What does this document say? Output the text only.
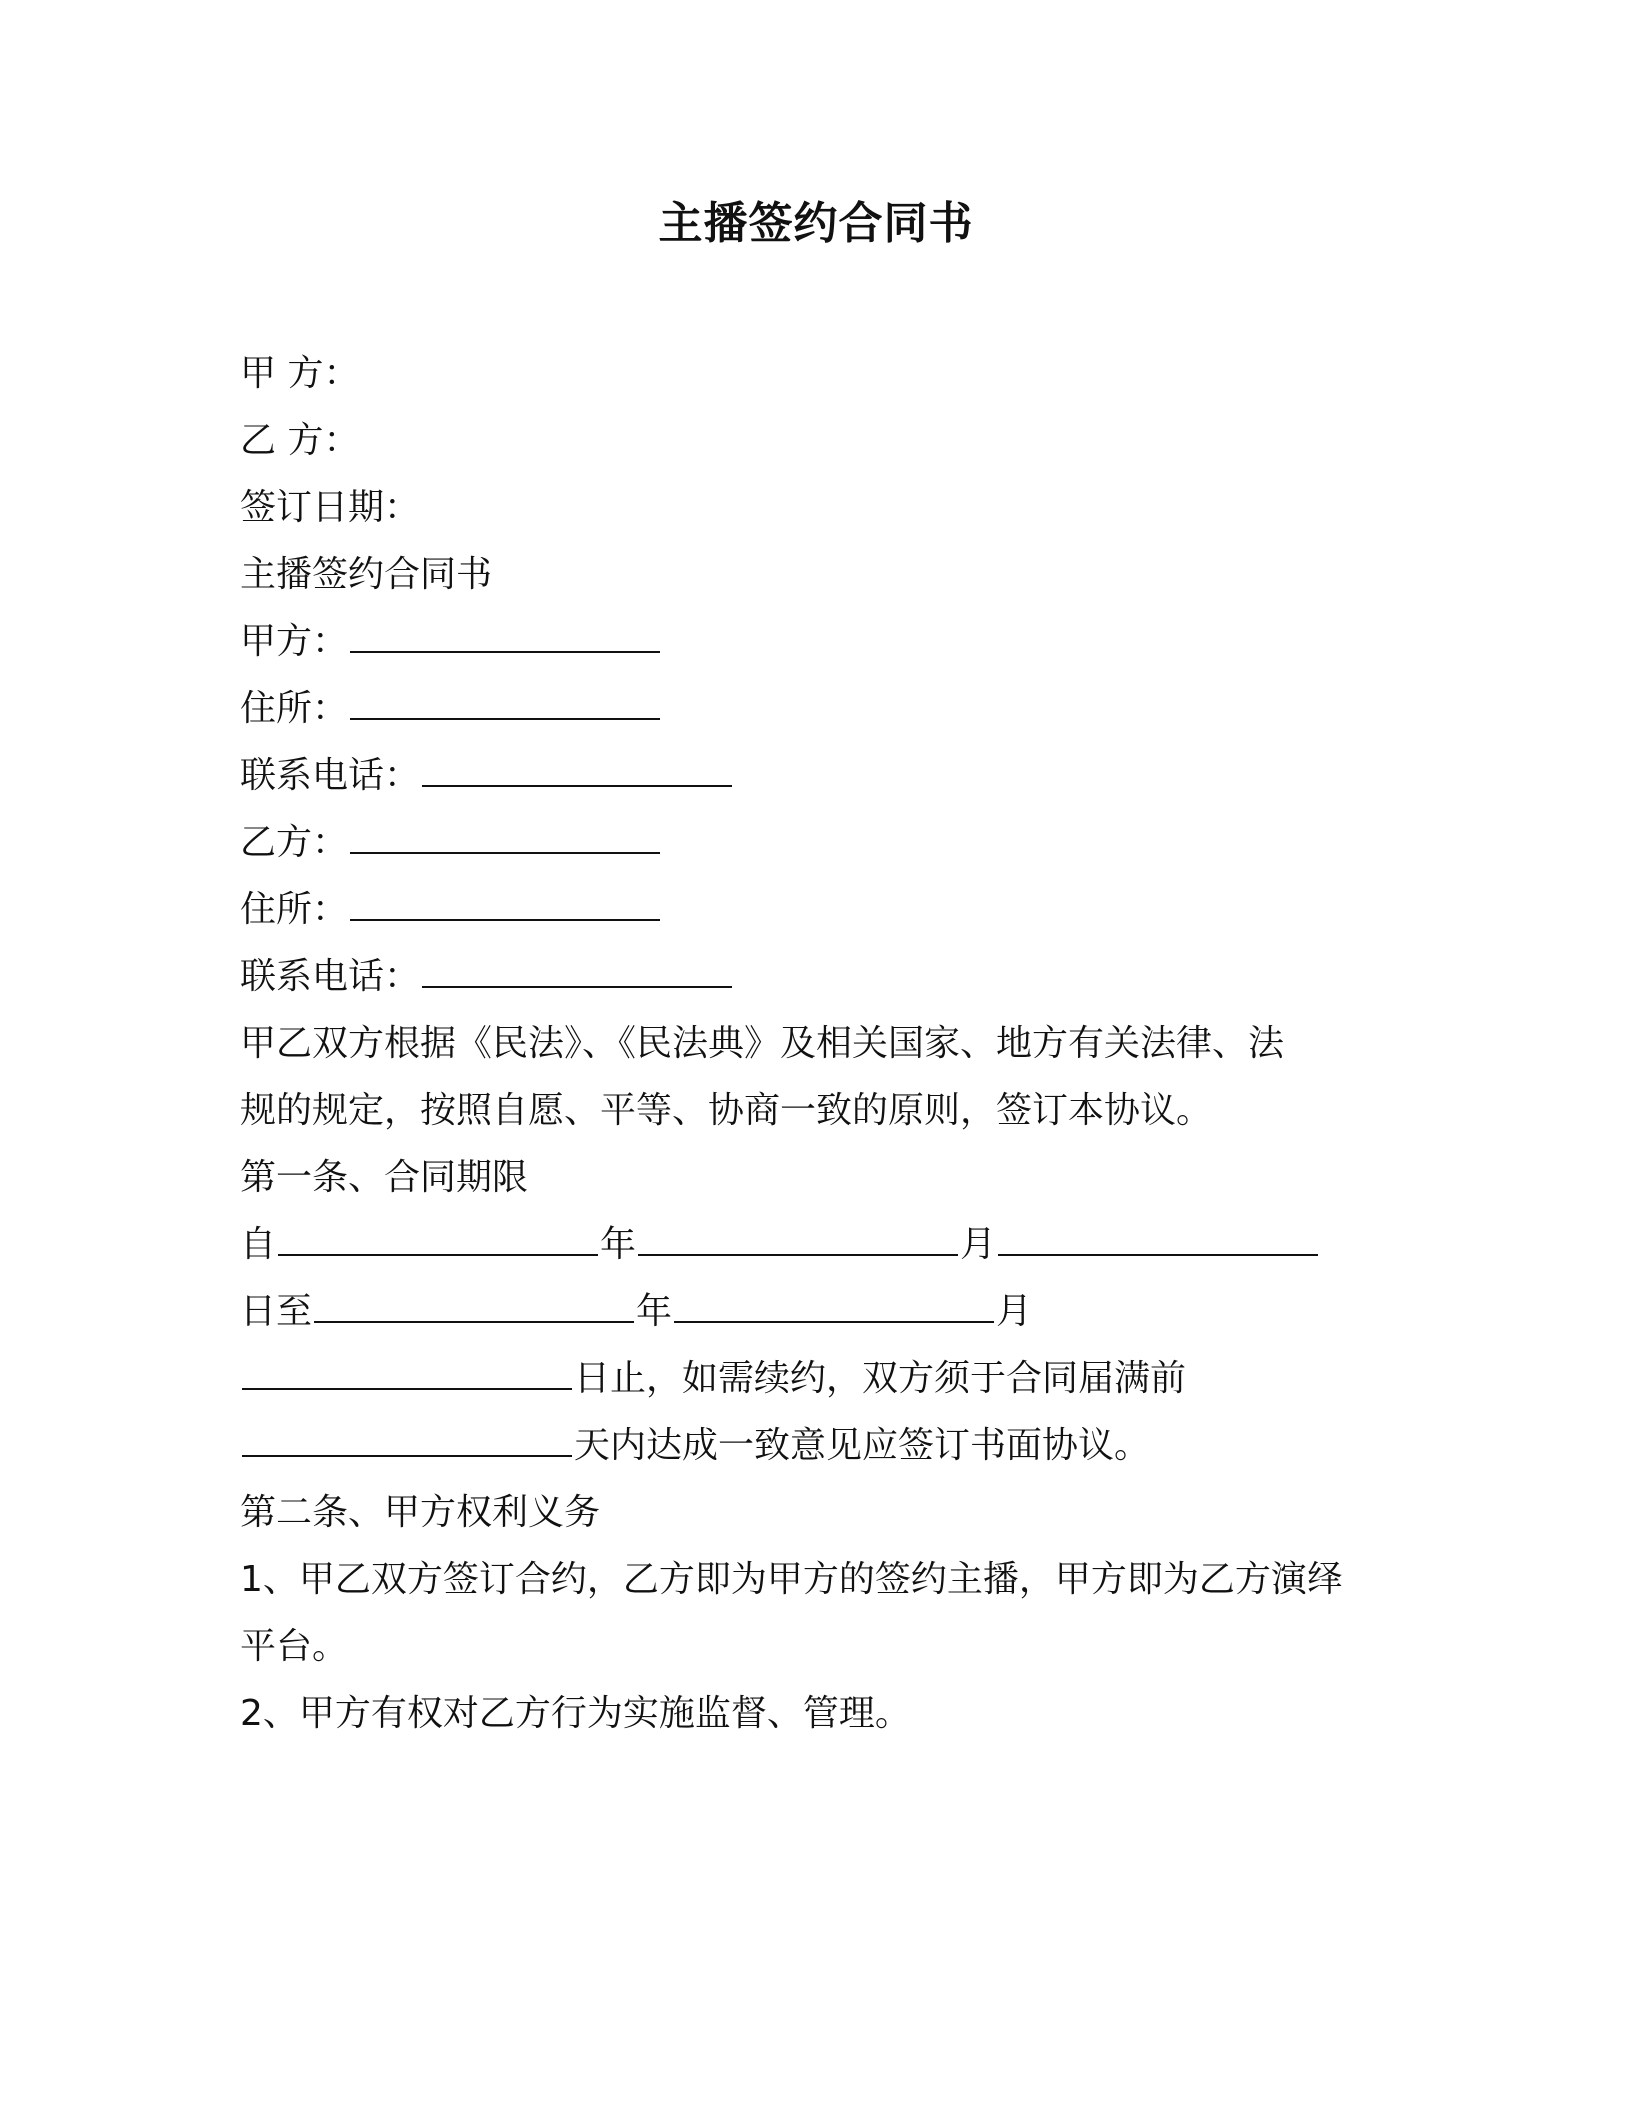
主播签约合同书
甲 方：
乙 方：
签订日期：
主播签约合同书
甲方：
住所：
联系电话：
乙方：
住所：
联系电话：
甲乙双方根据《民法》、《民法典》及相关国家、地方有关法律、法
规的规定，按照自愿、平等、协商一致的原则，签订本协议。
第一条、合同期限
自	年	月
日至	年	月
日止，如需续约，双方须于合同届满前
天内达成一致意见应签订书面协议。
第二条、甲方权利义务
1、甲乙双方签订合约，乙方即为甲方的签约主播，甲方即为乙方演绎
平台。
2、甲方有权对乙方行为实施监督、管理。
